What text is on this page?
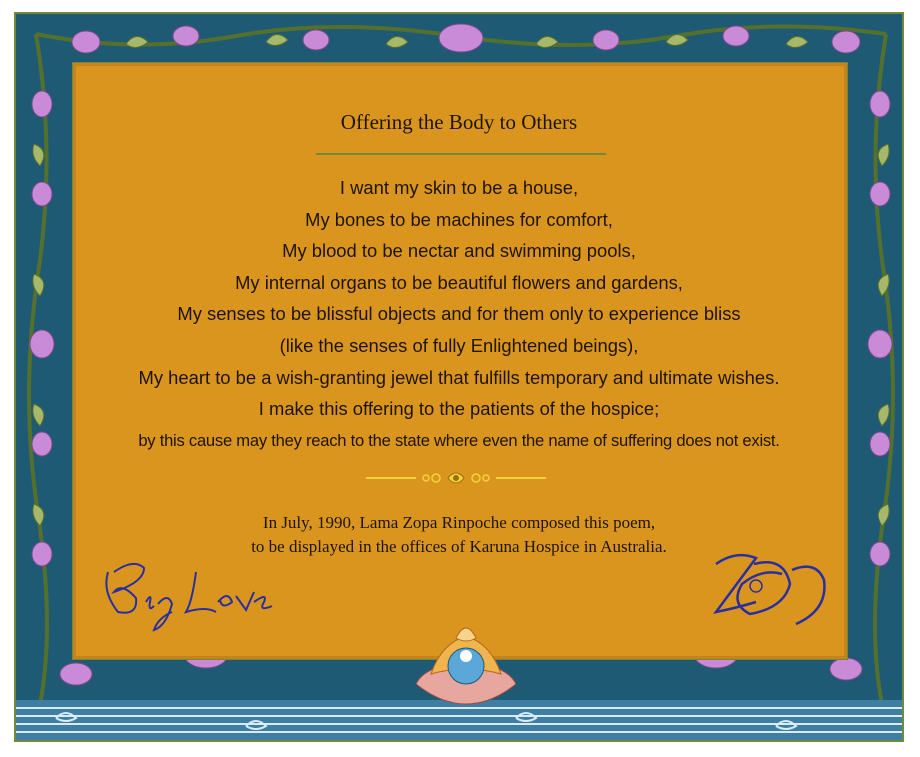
Offering the Body to Others
I want my skin to be a house,
My bones to be machines for comfort,
My blood to be nectar and swimming pools,
My internal organs to be beautiful flowers and gardens,
My senses to be blissful objects and for them only to experience bliss
(like the senses of fully Enlightened beings),
My heart to be a wish-granting jewel that fulfills temporary and ultimate wishes.
I make this offering to the patients of the hospice;
by this cause may they reach to the state where even the name of suffering does not exist.
In July, 1990, Lama Zopa Rinpoche composed this poem,
to be displayed in the offices of Karuna Hospice in Australia.
